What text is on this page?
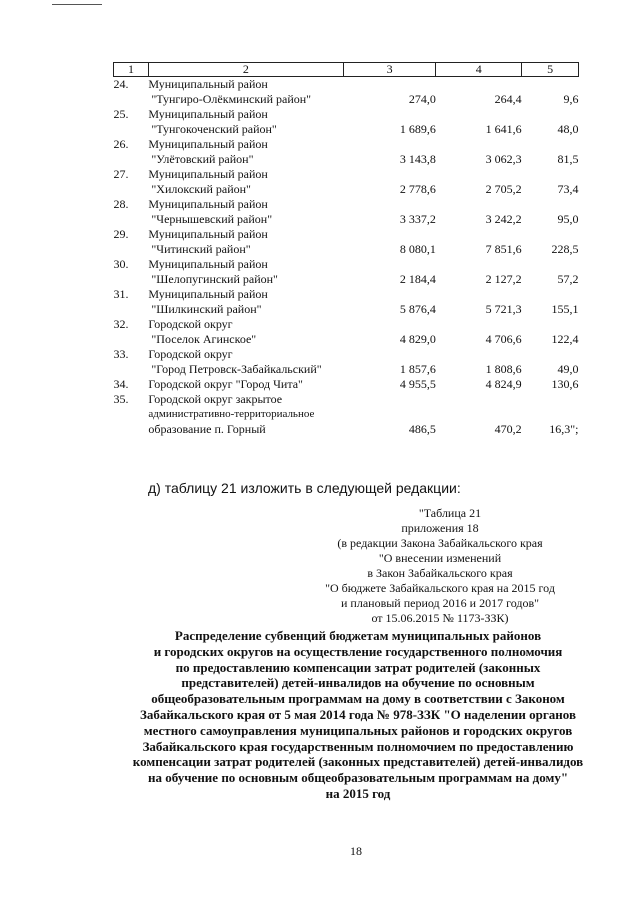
1	2	3	4	5
24.	Муниципальный район
"Тунгиро-Олёкминский район"	274,0	264,4	9,6
25.	Муниципальный район
"Тунгокоченский район"	1 689,6	1 641,6	48,0
26.	Муниципальный район
"Улётовский район"	3 143,8	3 062,3	81,5
27.	Муниципальный район
"Хилокский район"	2 778,6	2 705,2	73,4
28.	Муниципальный район
"Чернышевский район"	3 337,2	3 242,2	95,0
29.	Муниципальный район
"Читинский район"	8 080,1	7 851,6	228,5
30.	Муниципальный район
"Шелопугинский район"	2 184,4	2 127,2	57,2
31.	Муниципальный район
"Шилкинский район"	5 876,4	5 721,3	155,1
32.	Городской округ
"Поселок Агинское"	4 829,0	4 706,6	122,4
33.	Городской округ
"Город Петровск-Забайкальский"	1 857,6	1 808,6	49,0
34.	Городской округ "Город Чита"	4 955,5	4 824,9	130,6
35.	Городской округ закрытое
административно-территориальное
образование п. Горный	486,5	470,2	16,3";
д) таблицу 21 изложить в следующей редакции:
"Таблица 21
приложения 18
(в редакции Закона Забайкальского края
"О внесении изменений
в Закон Забайкальского края
"О бюджете Забайкальского края на 2015 год
и плановый период 2016 и 2017 годов"
от 15.06.2015 № 1173-ЗЗК)
Распределение субвенций бюджетам муниципальных районов
и городских округов на осуществление государственного полномочия
по предоставлению компенсации затрат родителей (законных
представителей) детей-инвалидов на обучение по основным
общеобразовательным программам на дому в соответствии с Законом
Забайкальского края от 5 мая 2014 года № 978-ЗЗК "О наделении органов
местного самоуправления муниципальных районов и городских округов
Забайкальского края государственным полномочием по предоставлению
компенсации затрат родителей (законных представителей) детей-инвалидов
на обучение по основным общеобразовательным программам на дому"
на 2015 год
18
